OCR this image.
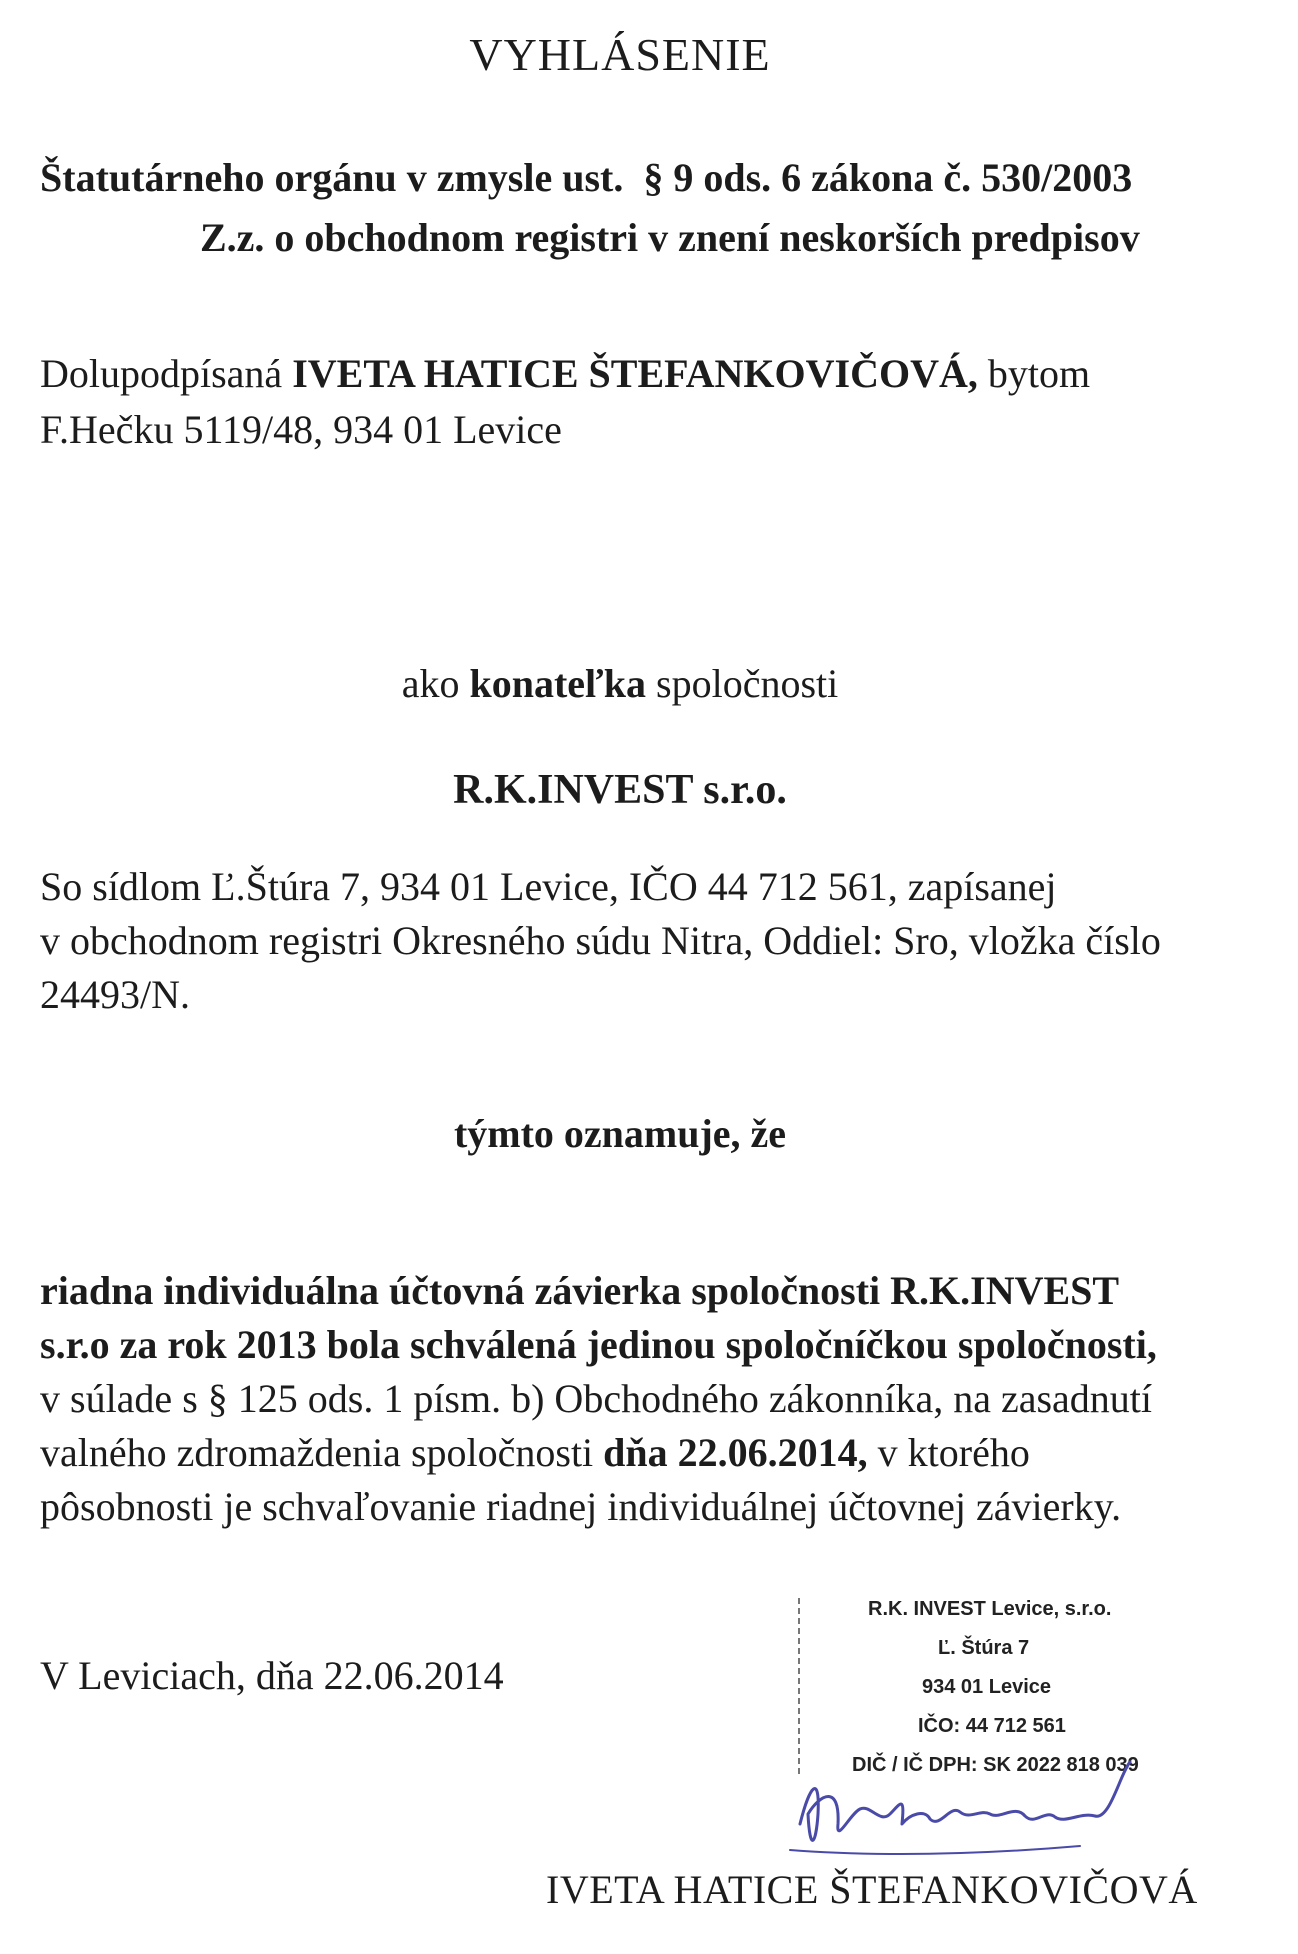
VYHLÁSENIE
Štatutárneho orgánu v zmysle ust.  § 9 ods. 6 zákona č. 530/2003

Z.z. o obchodnom registri v znení neskorších predpisov
Dolupodpísaná IVETA HATICE ŠTEFANKOVIČOVÁ, bytom
F.Hečku 5119/48, 934 01 Levice
ako konateľka spoločnosti
R.K.INVEST s.r.o.
So sídlom Ľ.Štúra 7, 934 01 Levice, IČO 44 712 561, zapísanej
v obchodnom registri Okresného súdu Nitra, Oddiel: Sro, vložka číslo
24493/N.
týmto oznamuje, že
riadna individuálna účtovná závierka spoločnosti R.K.INVEST
s.r.o za rok 2013 bola schválená jedinou spoločníčkou spoločnosti,
v súlade s § 125 ods. 1 písm. b) Obchodného zákonníka, na zasadnutí
valného zdromaždenia spoločnosti dňa 22.06.2014, v ktorého
pôsobnosti je schvaľovanie riadnej individuálnej účtovnej závierky.
V Leviciach, dňa 22.06.2014
R.K. INVEST Levice, s.r.o.
Ľ. Štúra 7
934 01 Levice
IČO: 44 712 561
DIČ / IČ DPH: SK 2022 818 039
IVETA HATICE ŠTEFANKOVIČOVÁ
